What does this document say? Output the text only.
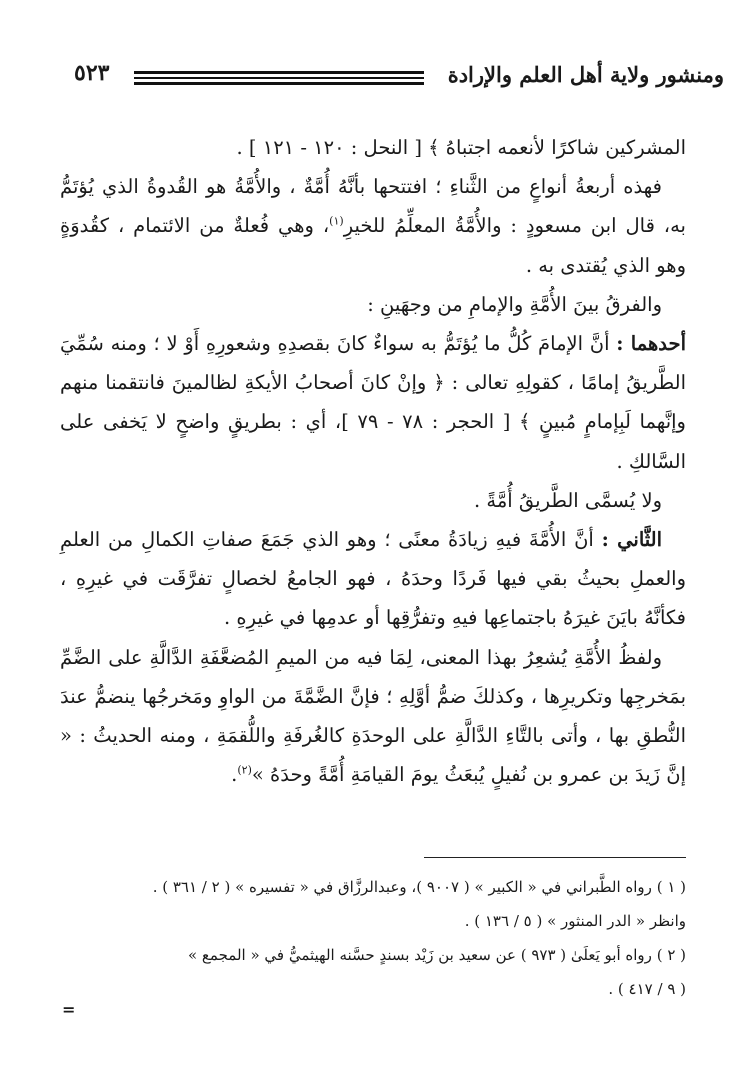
ومنشور ولاية أهل العلم والإرادة
٥٢٣

المشركين شاكرًا لأنعمه اجتباهُ ﴾ [ النحل : ١٢٠ - ١٢١ ] .

فهذه أربعةُ أنواعٍ من الثَّناءِ ؛ افتتحها بأنَّهُ أُمَّةٌ ، والأُمَّةُ هو القُدوةُ الذي يُؤتَمُّ به، قال ابن مسعودٍ : والأُمَّةُ المعلِّمُ للخيرِ$^{(١)}$، وهي فُعلةٌ من الائتمام ، كقُدوَةٍ وهو الذي يُقتدى به .

والفرقُ بينَ الأُمَّةِ والإمامِ من وجهَينِ :

أحدهما : أنَّ الإمامَ كُلُّ ما يُؤتَمُّ به سواءٌ كانَ بقصدِهِ وشعورِهِ أَوْ لا ؛ ومنه سُمِّيَ الطَّريقُ إمامًا ، كقولِهِ تعالى : ﴿ وإنْ كانَ أصحابُ الأيكةِ لظالمينَ فانتقمنا منهم وإنَّهما لَبِإمامٍ مُبينٍ ﴾ [ الحجر : ٧٨ - ٧٩ ]، أي : بطريقٍ واضحٍ لا يَخفى على السَّالكِ .

ولا يُسمَّى الطَّريقُ أُمَّةً .

الثَّاني : أنَّ الأُمَّةَ فيهِ زيادَةُ معنًى ؛ وهو الذي جَمَعَ صفاتِ الكمالِ من العلمِ والعملِ بحيثُ بقي فيها فَردًا وحدَهُ ، فهو الجامعُ لخصالٍ تفرَّقَت في غيرِهِ ، فكأنَّهُ بايَنَ غيرَهُ باجتماعِها فيهِ وتفرُّقِها أو عدمِها في غيرِهِ .

ولفظُ الأُمَّةِ يُشعِرُ بهذا المعنى، لِمَا فيه من الميمِ المُضعَّفَةِ الدَّالَّةِ على الضَّمِّ بمَخرجِها وتكريرِها ، وكذلكَ ضمُّ أوَّلِهِ ؛ فإنَّ الضَّمَّةَ من الواوِ ومَخرجُها ينضمُّ عندَ النُّطقِ بها ، وأتى بالتَّاءِ الدَّالَّةِ على الوحدَةِ كالغُرفَةِ واللُّقمَةِ ، ومنه الحديثُ : « إنَّ زَيدَ بن عمرو بن نُفيلٍ يُبعَثُ يومَ القيامَةِ أُمَّةً وحدَهُ »$^{(٢)}$.

( ١ ) رواه الطَّبراني في « الكبير » ( ٩٠٠٧ )، وعبدالرزَّاق في « تفسيره » ( ٢ / ٣٦١ ) .

وانظر « الدر المنثور » ( ٥ / ١٣٦ ) .

( ٢ ) رواه أبو يَعلَىٰ ( ٩٧٣ ) عن سعيد بن زَيْد بسندٍ حسَّنه الهيثميُّ في « المجمع »

( ٩ / ٤١٧ ) .

=
